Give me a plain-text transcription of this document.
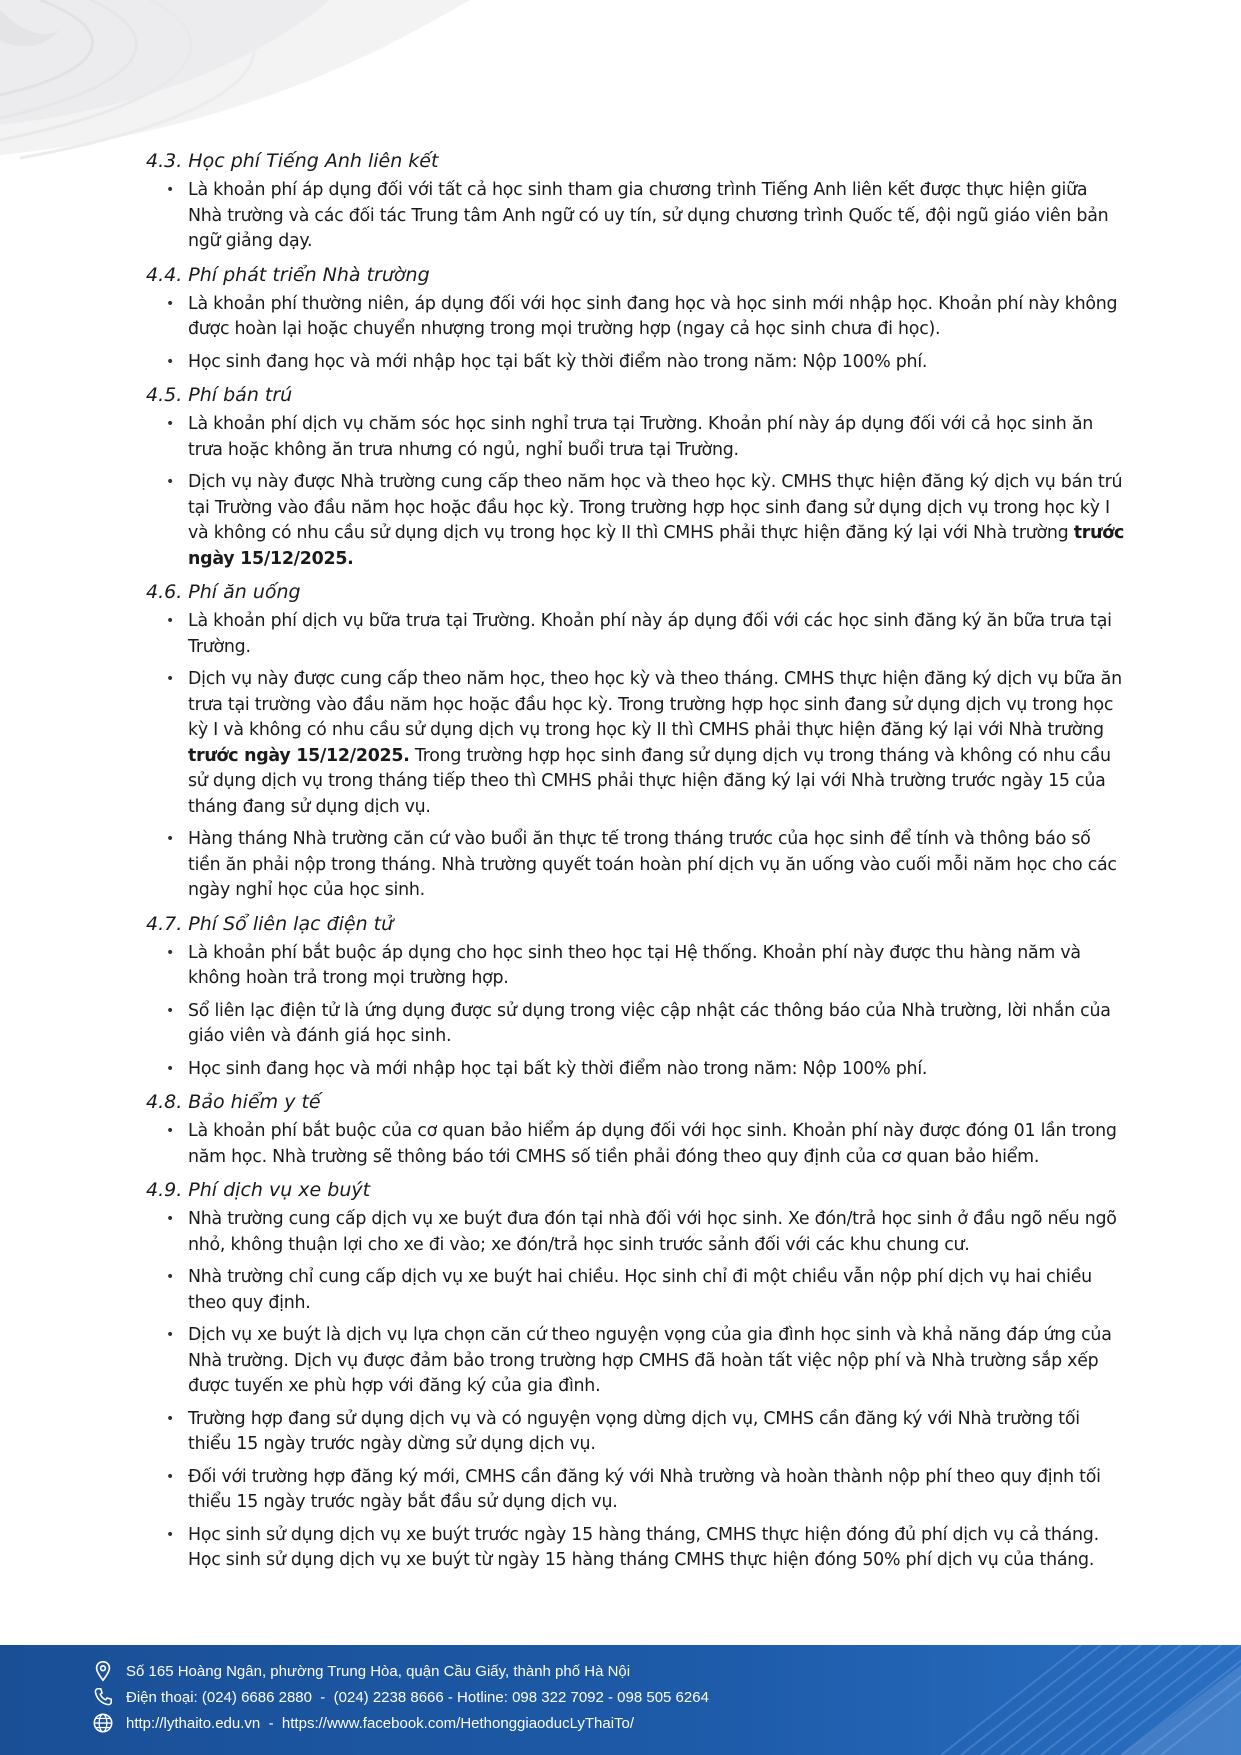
4.3. Học phí Tiếng Anh liên kết
• Là khoản phí áp dụng đối với tất cả học sinh tham gia chương trình Tiếng Anh liên kết được thực hiện giữa Nhà trường và các đối tác Trung tâm Anh ngữ có uy tín, sử dụng chương trình Quốc tế, đội ngũ giáo viên bản ngữ giảng dạy.
4.4. Phí phát triển Nhà trường
• Là khoản phí thường niên, áp dụng đối với học sinh đang học và học sinh mới nhập học. Khoản phí này không được hoàn lại hoặc chuyển nhượng trong mọi trường hợp (ngay cả học sinh chưa đi học).
• Học sinh đang học và mới nhập học tại bất kỳ thời điểm nào trong năm: Nộp 100% phí.
4.5. Phí bán trú
• Là khoản phí dịch vụ chăm sóc học sinh nghỉ trưa tại Trường. Khoản phí này áp dụng đối với cả học sinh ăn trưa hoặc không ăn trưa nhưng có ngủ, nghỉ buổi trưa tại Trường.
• Dịch vụ này được Nhà trường cung cấp theo năm học và theo học kỳ. CMHS thực hiện đăng ký dịch vụ bán trú tại Trường vào đầu năm học hoặc đầu học kỳ. Trong trường hợp học sinh đang sử dụng dịch vụ trong học kỳ I và không có nhu cầu sử dụng dịch vụ trong học kỳ II thì CMHS phải thực hiện đăng ký lại với Nhà trường trước ngày 15/12/2025.
4.6. Phí ăn uống
• Là khoản phí dịch vụ bữa trưa tại Trường. Khoản phí này áp dụng đối với các học sinh đăng ký ăn bữa trưa tại Trường.
• Dịch vụ này được cung cấp theo năm học, theo học kỳ và theo tháng. CMHS thực hiện đăng ký dịch vụ bữa ăn trưa tại trường vào đầu năm học hoặc đầu học kỳ. Trong trường hợp học sinh đang sử dụng dịch vụ trong học kỳ I và không có nhu cầu sử dụng dịch vụ trong học kỳ II thì CMHS phải thực hiện đăng ký lại với Nhà trường trước ngày 15/12/2025. Trong trường hợp học sinh đang sử dụng dịch vụ trong tháng và không có nhu cầu sử dụng dịch vụ trong tháng tiếp theo thì CMHS phải thực hiện đăng ký lại với Nhà trường trước ngày 15 của tháng đang sử dụng dịch vụ.
• Hàng tháng Nhà trường căn cứ vào buổi ăn thực tế trong tháng trước của học sinh để tính và thông báo số tiền ăn phải nộp trong tháng. Nhà trường quyết toán hoàn phí dịch vụ ăn uống vào cuối mỗi năm học cho các ngày nghỉ học của học sinh.
4.7. Phí Sổ liên lạc điện tử
• Là khoản phí bắt buộc áp dụng cho học sinh theo học tại Hệ thống. Khoản phí này được thu hàng năm và không hoàn trả trong mọi trường hợp.
• Sổ liên lạc điện tử là ứng dụng được sử dụng trong việc cập nhật các thông báo của Nhà trường, lời nhắn của giáo viên và đánh giá học sinh.
• Học sinh đang học và mới nhập học tại bất kỳ thời điểm nào trong năm: Nộp 100% phí.
4.8. Bảo hiểm y tế
• Là khoản phí bắt buộc của cơ quan bảo hiểm áp dụng đối với học sinh. Khoản phí này được đóng 01 lần trong năm học. Nhà trường sẽ thông báo tới CMHS số tiền phải đóng theo quy định của cơ quan bảo hiểm.
4.9. Phí dịch vụ xe buýt
• Nhà trường cung cấp dịch vụ xe buýt đưa đón tại nhà đối với học sinh. Xe đón/trả học sinh ở đầu ngõ nếu ngõ nhỏ, không thuận lợi cho xe đi vào; xe đón/trả học sinh trước sảnh đối với các khu chung cư.
• Nhà trường chỉ cung cấp dịch vụ xe buýt hai chiều. Học sinh chỉ đi một chiều vẫn nộp phí dịch vụ hai chiều theo quy định.
• Dịch vụ xe buýt là dịch vụ lựa chọn căn cứ theo nguyện vọng của gia đình học sinh và khả năng đáp ứng của Nhà trường. Dịch vụ được đảm bảo trong trường hợp CMHS đã hoàn tất việc nộp phí và Nhà trường sắp xếp được tuyến xe phù hợp với đăng ký của gia đình.
• Trường hợp đang sử dụng dịch vụ và có nguyện vọng dừng dịch vụ, CMHS cần đăng ký với Nhà trường tối thiểu 15 ngày trước ngày dừng sử dụng dịch vụ.
• Đối với trường hợp đăng ký mới, CMHS cần đăng ký với Nhà trường và hoàn thành nộp phí theo quy định tối thiểu 15 ngày trước ngày bắt đầu sử dụng dịch vụ.
• Học sinh sử dụng dịch vụ xe buýt trước ngày 15 hàng tháng, CMHS thực hiện đóng đủ phí dịch vụ cả tháng. Học sinh sử dụng dịch vụ xe buýt từ ngày 15 hàng tháng CMHS thực hiện đóng 50% phí dịch vụ của tháng.
Số 165 Hoàng Ngân, phường Trung Hòa, quận Cầu Giấy, thành phố Hà Nội
Điện thoại: (024) 6686 2880  -  (024) 2238 8666 - Hotline: 098 322 7092 - 098 505 6264
http://lythaito.edu.vn  -  https://www.facebook.com/HethonggiaoducLyThaiTo/
